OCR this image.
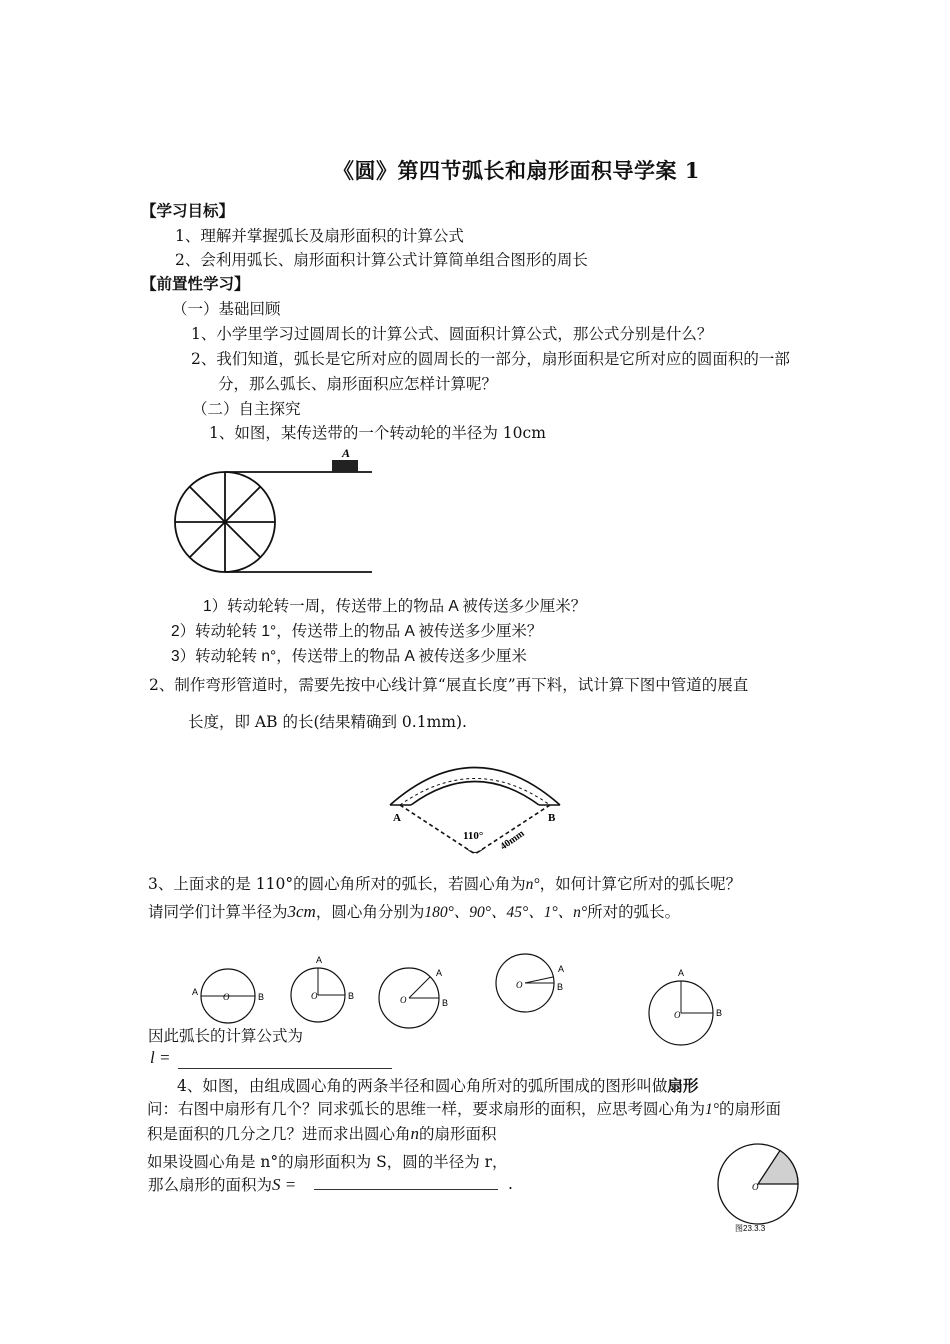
《圆》第四节弧长和扇形面积导学案 1
【学习目标】
1、理解并掌握弧长及扇形面积的计算公式
2、会利用弧长、扇形面积计算公式计算简单组合图形的周长
【前置性学习】
（一）基础回顾
1、小学里学习过圆周长的计算公式、圆面积计算公式，那公式分别是什么？
2、我们知道，弧长是它所对应的圆周长的一部分，扇形面积是它所对应的圆面积的一部
分，那么弧长、扇形面积应怎样计算呢？
（二）自主探究
1、如图，某传送带的一个转动轮的半径为 10cm
A
1）转动轮转一周，传送带上的物品 A 被传送多少厘米？
2）转动轮转 1°，传送带上的物品 A 被传送多少厘米？
3）转动轮转 n°，传送带上的物品 A 被传送多少厘米
2、制作弯形管道时，需要先按中心线计算“展直长度”再下料，试计算下图中管道的展直
长度，即 AB 的长(结果精确到 0.1mm).
A	B
110° 40mm
3、上面求的是 110°的圆心角所对的弧长，若圆心角为n°，如何计算它所对的弧长呢？
请同学们计算半径为3cm，圆心角分别为180°、90°、45°、1°、n°所对的弧长。
A	B
O
A
B
O
A
B
O
A
B
O
A
B
O
因此弧长的计算公式为
l =
4、如图，由组成圆心角的两条半径和圆心角所对的弧所围成的图形叫做扇形
问：右图中扇形有几个？同求弧长的思维一样，要求扇形的面积，应思考圆心角为1°的扇形面
积是面积的几分之几？进而求出圆心角n的扇形面积
如果设圆心角是 n°的扇形面积为 S，圆的半径为 r，
那么扇形的面积为S =	.	O
图23.3.3
